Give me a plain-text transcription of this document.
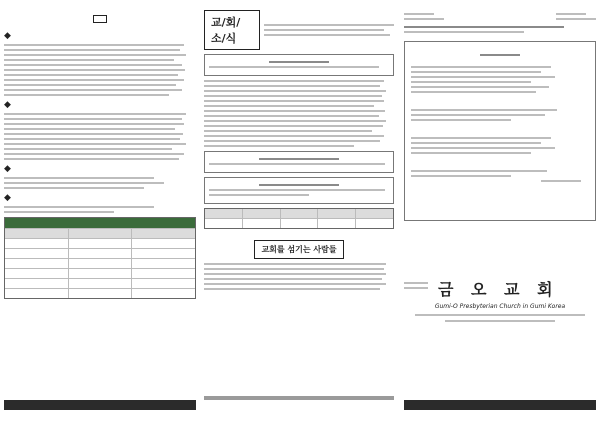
◆
◆
◆
◆
교/회/소/식
교회를 섬기는 사람들
금 오 교 회
Gumi-O Presbyterian Church in Gumi Korea
